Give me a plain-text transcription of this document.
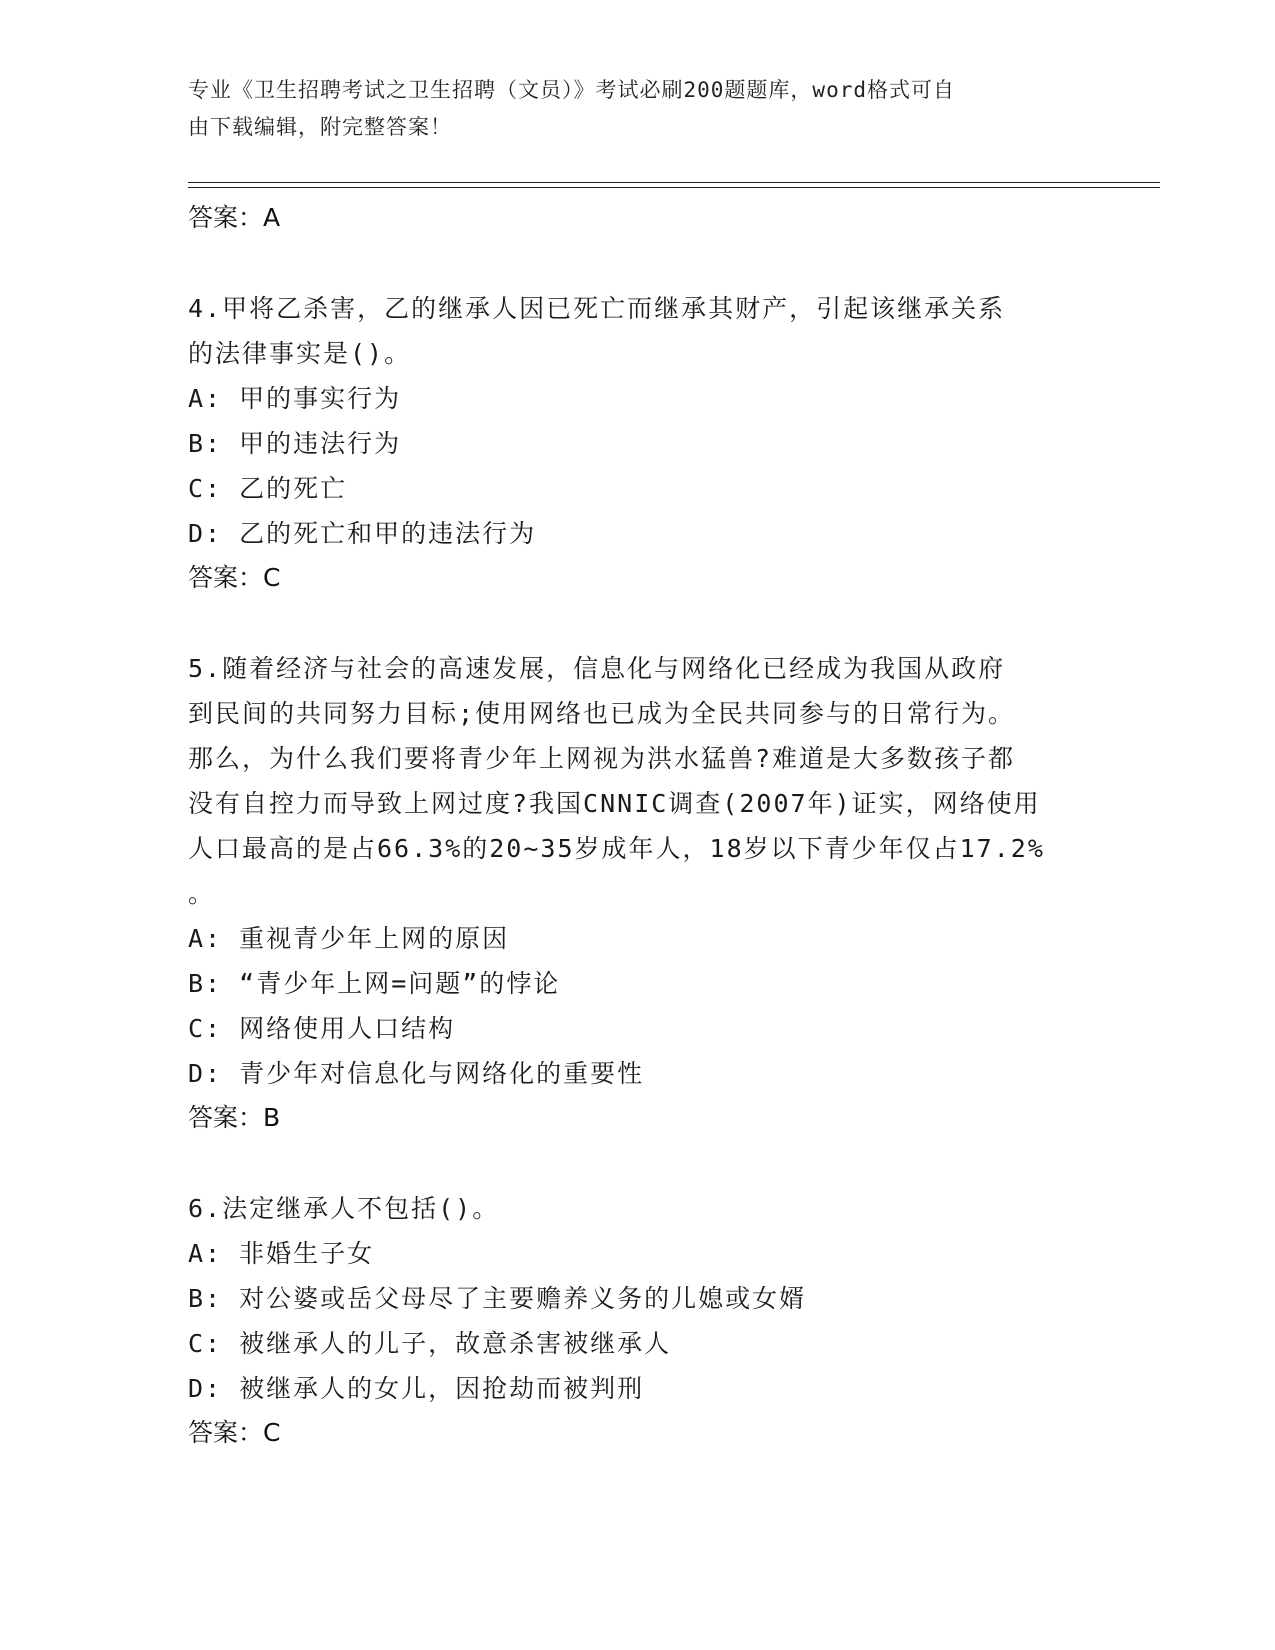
专业《卫生招聘考试之卫生招聘（文员）》考试必刷200题题库，word格式可自
由下载编辑，附完整答案！
答案：A
4.甲将乙杀害，乙的继承人因已死亡而继承其财产，引起该继承关系
的法律事实是()。
A: 甲的事实行为
B: 甲的违法行为
C: 乙的死亡
D: 乙的死亡和甲的违法行为
答案：C
5.随着经济与社会的高速发展，信息化与网络化已经成为我国从政府
到民间的共同努力目标;使用网络也已成为全民共同参与的日常行为。
那么，为什么我们要将青少年上网视为洪水猛兽?难道是大多数孩子都
没有自控力而导致上网过度?我国CNNIC调查(2007年)证实，网络使用
人口最高的是占66.3%的20~35岁成年人，18岁以下青少年仅占17.2%
。
A: 重视青少年上网的原因
B: “青少年上网=问题”的悖论
C: 网络使用人口结构
D: 青少年对信息化与网络化的重要性
答案：B
6.法定继承人不包括()。
A: 非婚生子女
B: 对公婆或岳父母尽了主要赡养义务的儿媳或女婿
C: 被继承人的儿子，故意杀害被继承人
D: 被继承人的女儿，因抢劫而被判刑
答案：C
